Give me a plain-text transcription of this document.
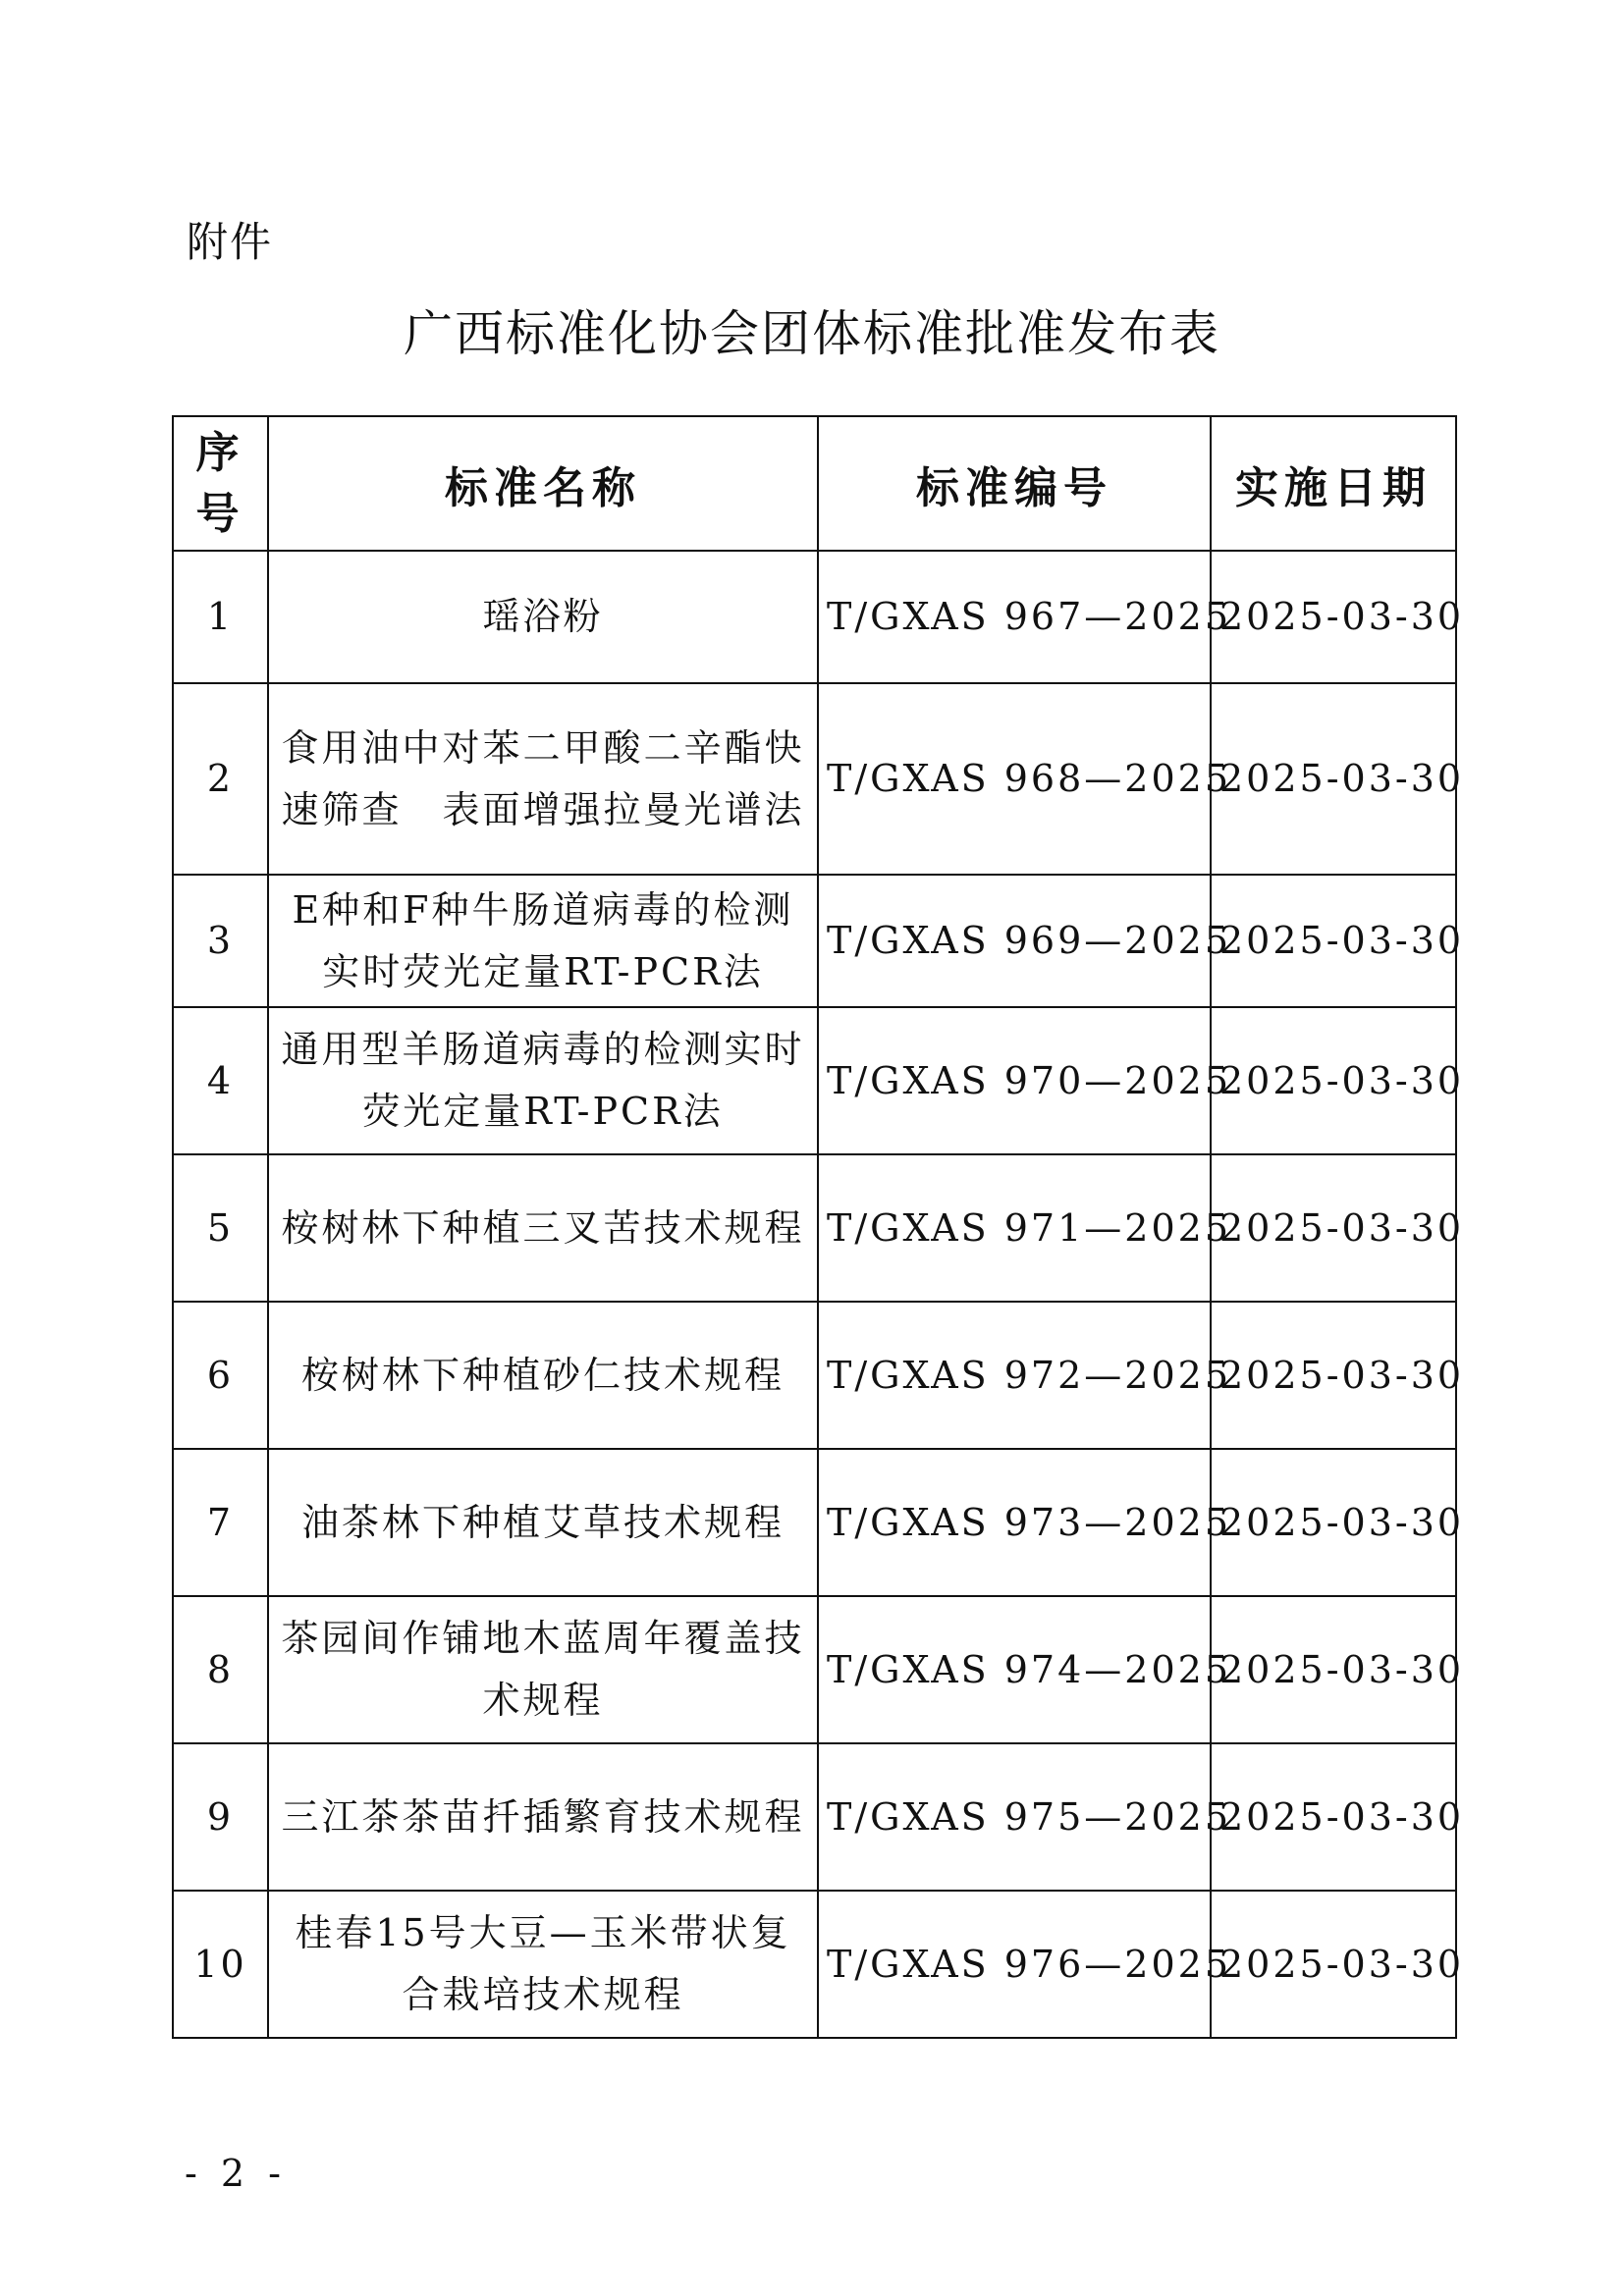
附件
广西标准化协会团体标准批准发布表
序
号	标准名称	标准编号	实施日期
1	瑶浴粉	T/GXAS 967—2025	2025-03-30
2	食用油中对苯二甲酸二辛酯快速筛查　表面增强拉曼光谱法	T/GXAS 968—2025	2025-03-30
3	E种和F种牛肠道病毒的检测实时荧光定量RT-PCR法	T/GXAS 969—2025	2025-03-30
4	通用型羊肠道病毒的检测实时荧光定量RT-PCR法	T/GXAS 970—2025	2025-03-30
5	桉树林下种植三叉苦技术规程	T/GXAS 971—2025	2025-03-30
6	桉树林下种植砂仁技术规程	T/GXAS 972—2025	2025-03-30
7	油茶林下种植艾草技术规程	T/GXAS 973—2025	2025-03-30
8	茶园间作铺地木蓝周年覆盖技术规程	T/GXAS 974—2025	2025-03-30
9	三江茶茶苗扦插繁育技术规程	T/GXAS 975—2025	2025-03-30
10	桂春15号大豆—玉米带状复合栽培技术规程	T/GXAS 976—2025	2025-03-30
- 2 -
